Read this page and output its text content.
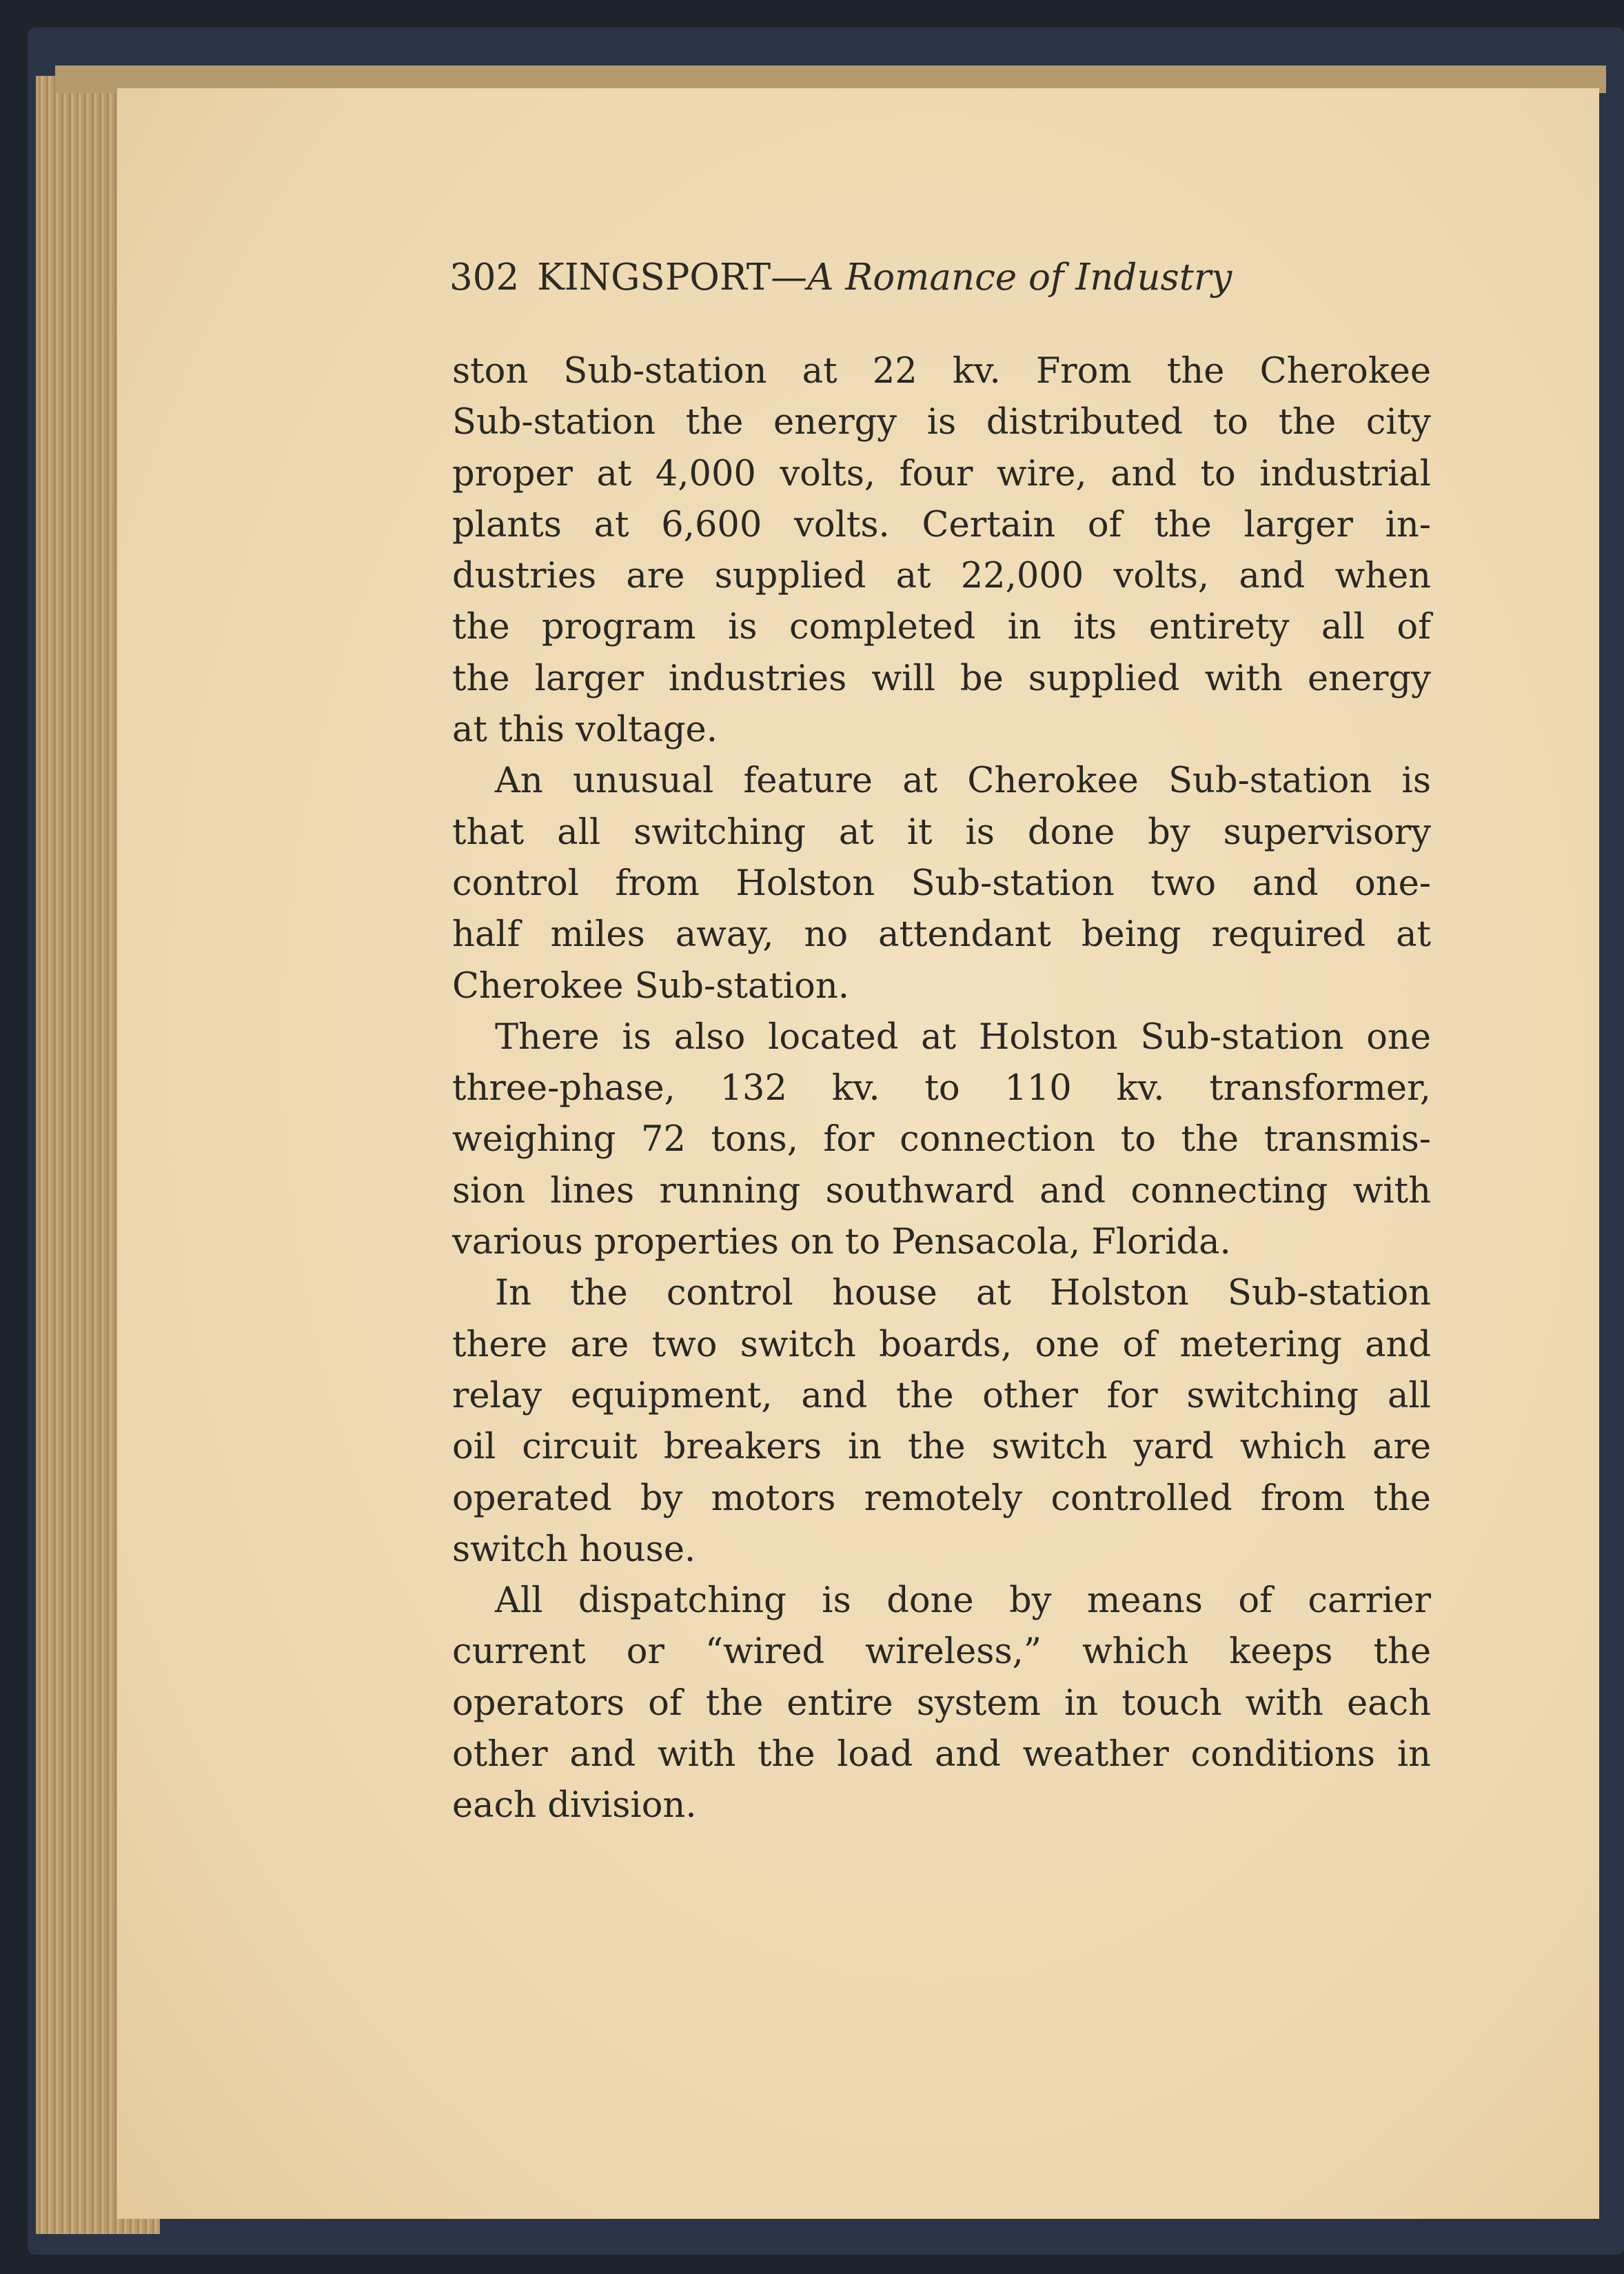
302 KINGSPORT—A Romance of Industry
ston Sub-station at 22 kv. From the Cherokee
Sub-station the energy is distributed to the city
proper at 4,000 volts, four wire, and to industrial
plants at 6,600 volts. Certain of the larger in-
dustries are supplied at 22,000 volts, and when
the program is completed in its entirety all of
the larger industries will be supplied with energy
at this voltage.
An unusual feature at Cherokee Sub-station is
that all switching at it is done by supervisory
control from Holston Sub-station two and one-
half miles away, no attendant being required at
Cherokee Sub-station.
There is also located at Holston Sub-station one
three-phase, 132 kv. to 110 kv. transformer,
weighing 72 tons, for connection to the transmis-
sion lines running southward and connecting with
various properties on to Pensacola, Florida.
In the control house at Holston Sub-station
there are two switch boards, one of metering and
relay equipment, and the other for switching all
oil circuit breakers in the switch yard which are
operated by motors remotely controlled from the
switch house.
All dispatching is done by means of carrier
current or “wired wireless,” which keeps the
operators of the entire system in touch with each
other and with the load and weather conditions in
each division.
